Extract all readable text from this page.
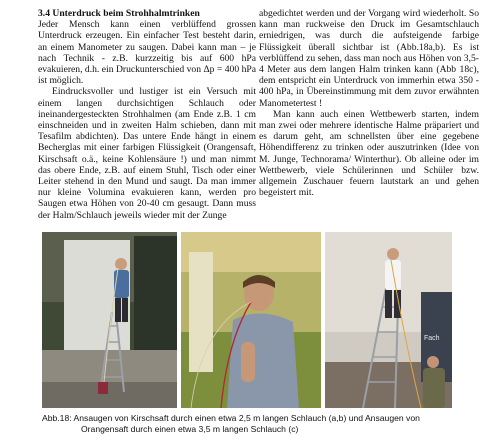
3.4 Unterdruck beim Strohhalmtrinken

Jeder Mensch kann einen verblüffend grossen Unterdruck erzeugen. Ein einfacher Test besteht darin, an einem Manometer zu saugen. Dabei kann man – je nach Technik - z.B. kurzzeitig bis auf 600 hPa evakuieren, d.h. ein Druckunterschied von Δp = 400 hPa ist möglich.

Eindrucksvoller und lustiger ist ein Versuch mit einem langen durchsichtigen Schlauch oder ineinandergesteckten Strohhalmen (am Ende z.B. 1 cm einschneiden und in zweiten Halm schieben, dann mit Tesafilm abdichten). Das untere Ende hängt in einem Becherglas mit einer farbigen Flüssigkeit (Orangensaft, Kirschsaft o.ä., keine Kohlensäure !) und man nimmt das obere Ende, z.B. auf einem Stuhl, Tisch oder einer Leiter stehend in den Mund und saugt. Da man immer nur kleine Volumina evakuieren kann, werden pro Saugen etwa Höhen von 20-40 cm gesaugt. Dann muss der Halm/Schlauch jeweils wieder mit der Zunge

abgedichtet werden und der Vorgang wird wiederholt. So kann man ruckweise den Druck im Gesamtschlauch erniedrigen, was durch die aufsteigende farbige Flüssigkeit überall sichtbar ist (Abb.18a,b). Es ist verblüffend zu sehen, dass man noch aus Höhen von 3,5-4 Meter aus dem langen Halm trinken kann (Abb 18c), dem entspricht ein Unterdruck von immerhin etwa 350 - 400 hPa, in Übereinstimmung mit dem zuvor erwähnten Manometertest !

Man kann auch einen Wettbewerb starten, indem man zwei oder mehrere identische Halme präpariert und es darum geht, am schnellsten über eine gegebene Höhendifferenz zu trinken oder auszutrinken (Idee von M. Junge, Technorama/ Winterthur). Ob alleine oder im Wettbewerb, viele Schülerinnen und Schüler bzw. allgemein Zuschauer feuern lautstark an und gehen begeistert mit.

Fach

Abb.18: Ansaugen von Kirschsaft durch einen etwa 2,5 m langen Schlauch (a,b) und Ansaugen von

Orangensaft durch einen etwa 3,5 m langen Schlauch (c)
